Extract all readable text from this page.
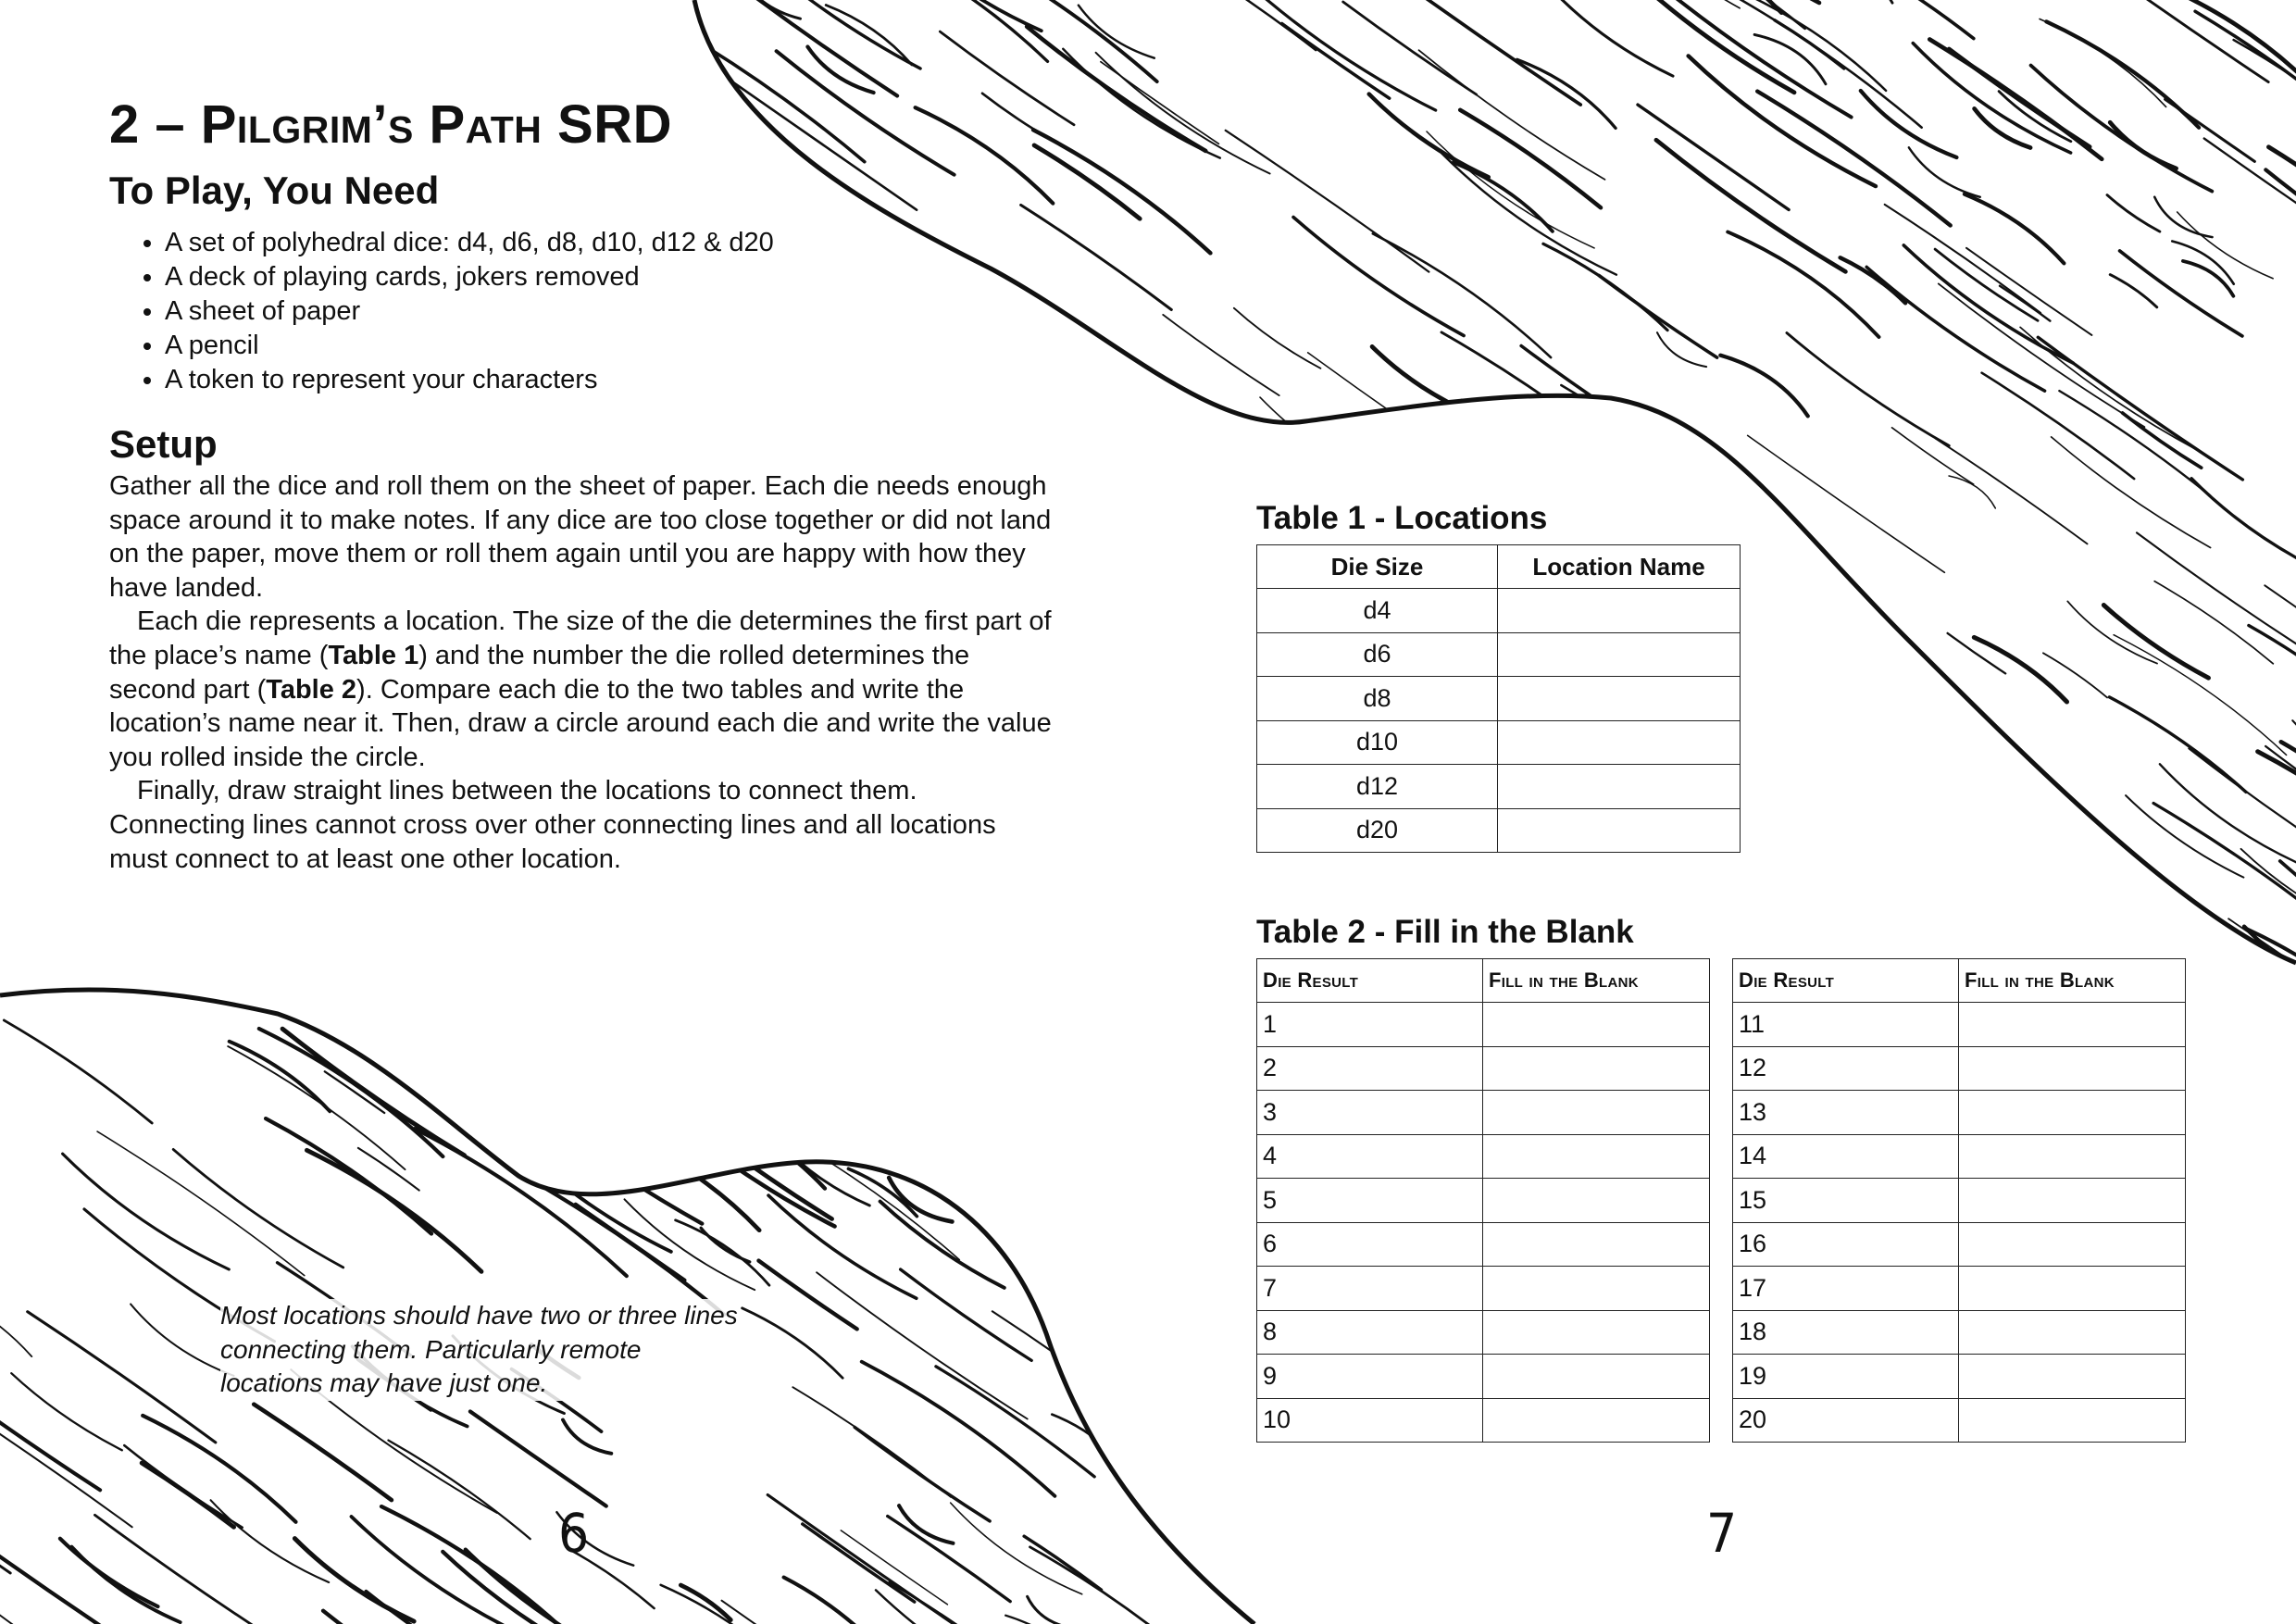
2 – Pilgrim’s Path SRD
To Play, You Need
• A set of polyhedral dice: d4, d6, d8, d10, d12 & d20
• A deck of playing cards, jokers removed
• A sheet of paper
• A pencil
• A token to represent your characters
Setup

Gather all the dice and roll them on the sheet of paper. Each die needs enough space around it to make notes. If any dice are too close together or did not land on the paper, move them or roll them again until you are happy with how they have landed.

Each die represents a location. The size of the die determines the first part of the place’s name (Table 1) and the number the die rolled determines the second part (Table 2). Compare each die to the two tables and write the location’s name near it. Then, draw a circle around each die and write the value you rolled inside the circle.

Finally, draw straight lines between the locations to connect them. Connecting lines cannot cross over other connecting lines and all locations must connect to at least one other location.

Most locations should have two or three lines connecting them. Particularly remote locations may have just one.
6
Table 1 - Locations
Die Size	Location Name
d4	
d6	
d8	
d10	
d12	
d20	
Table 2 - Fill in the Blank
Die Result	Fill in the Blank
1	
2	
3	
4	
5	
6	
7	
8	
9	
10	
Die Result	Fill in the Blank
11	
12	
13	
14	
15	
16	
17	
18	
19	
20	
7
